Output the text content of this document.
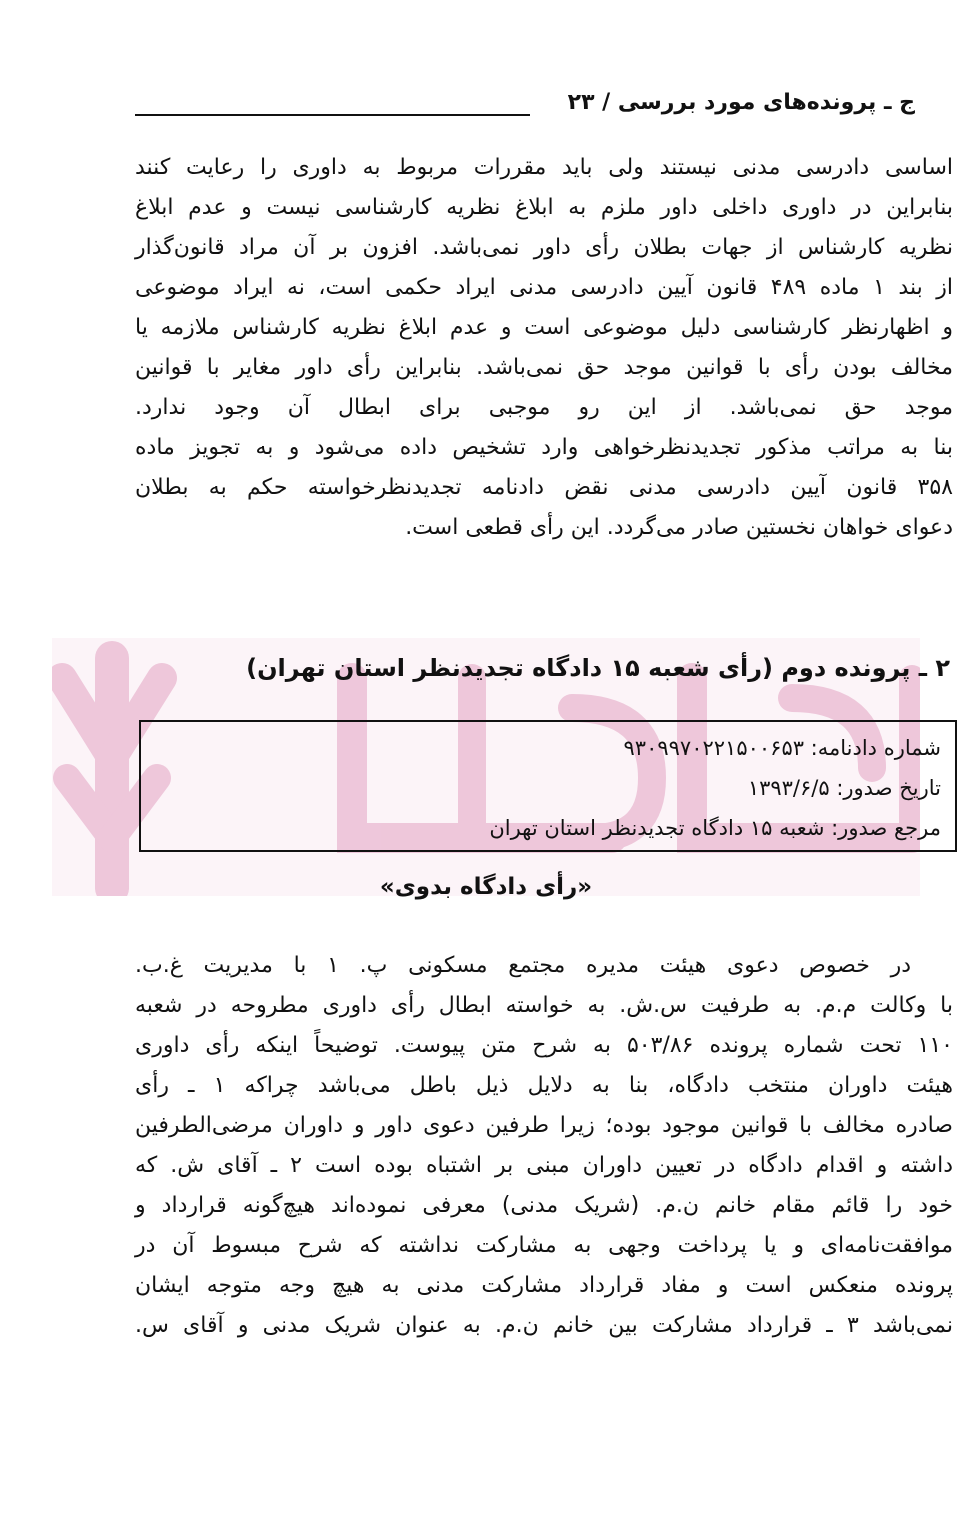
ج ـ پرونده‌های مورد بررسی / ۲۳
اساسی دادرسی مدنی نیستند ولی باید مقررات مربوط به داوری را رعایت کنند
بنابراین در داوری داخلی داور ملزم به ابلاغ نظریه کارشناسی نیست و عدم ابلاغ
نظریه کارشناس از جهات بطلان رأی داور نمی‌باشد. افزون بر آن مراد قانون‌گذار
از بند ۱ ماده ۴۸۹ قانون آیین دادرسی مدنی ایراد حکمی است، نه ایراد موضوعی
و اظهارنظر کارشناسی دلیل موضوعی است و عدم ابلاغ نظریه کارشناس ملازمه یا
مخالف بودن رأی با قوانین موجد حق نمی‌باشد. بنابراین رأی داور مغایر با قوانین
موجد حق نمی‌باشد. از این رو موجبی برای ابطال آن وجود ندارد.
بنا به مراتب مذکور تجدیدنظرخواهی وارد تشخیص داده می‌شود و به تجویز ماده
۳۵۸ قانون آیین دادرسی مدنی نقض دادنامه تجدیدنظرخواسته حکم به بطلان
دعوای خواهان نخستین صادر می‌گردد. این رأی قطعی است.
۲ ـ پرونده دوم (رأی شعبه ۱۵ دادگاه تجدیدنظر استان تهران)
شماره دادنامه: ۹۳۰۹۹۷۰۲۲۱۵۰۰۶۵۳
تاریخ صدور: ۱۳۹۳/۶/۵
مرجع صدور: شعبه ۱۵ دادگاه تجدیدنظر استان تهران
«رأی دادگاه بدوی»
در خصوص دعوی هیئت مدیره مجتمع مسکونی پ. ۱ با مدیریت غ.ب.
با وکالت م.م. به طرفیت س.ش. به خواسته ابطال رأی داوری مطروحه در شعبه
۱۱۰ تحت شماره پرونده ۵۰۳/۸۶ به شرح متن پیوست. توضیحاً اینکه رأی داوری
هیئت داوران منتخب دادگاه، بنا به دلایل ذیل باطل می‌باشد چراکه ۱ ـ رأی
صادره مخالف با قوانین موجود بوده؛ زیرا طرفین دعوی داور و داوران مرضی‌الطرفین
داشته و اقدام دادگاه در تعیین داوران مبنی بر اشتباه بوده است ۲ ـ آقای ش. که
خود را قائم مقام خانم ن.م. (شریک مدنی) معرفی نموده‌اند هیچ‌گونه قرارداد و
موافقت‌نامه‌ای و یا پرداخت وجهی به مشارکت نداشته که شرح مبسوط آن در
پرونده منعکس است و مفاد قرارداد مشارکت مدنی به هیچ وجه متوجه ایشان
نمی‌باشد ۳ ـ قرارداد مشارکت بین خانم ن.م. به عنوان شریک مدنی و آقای س.
